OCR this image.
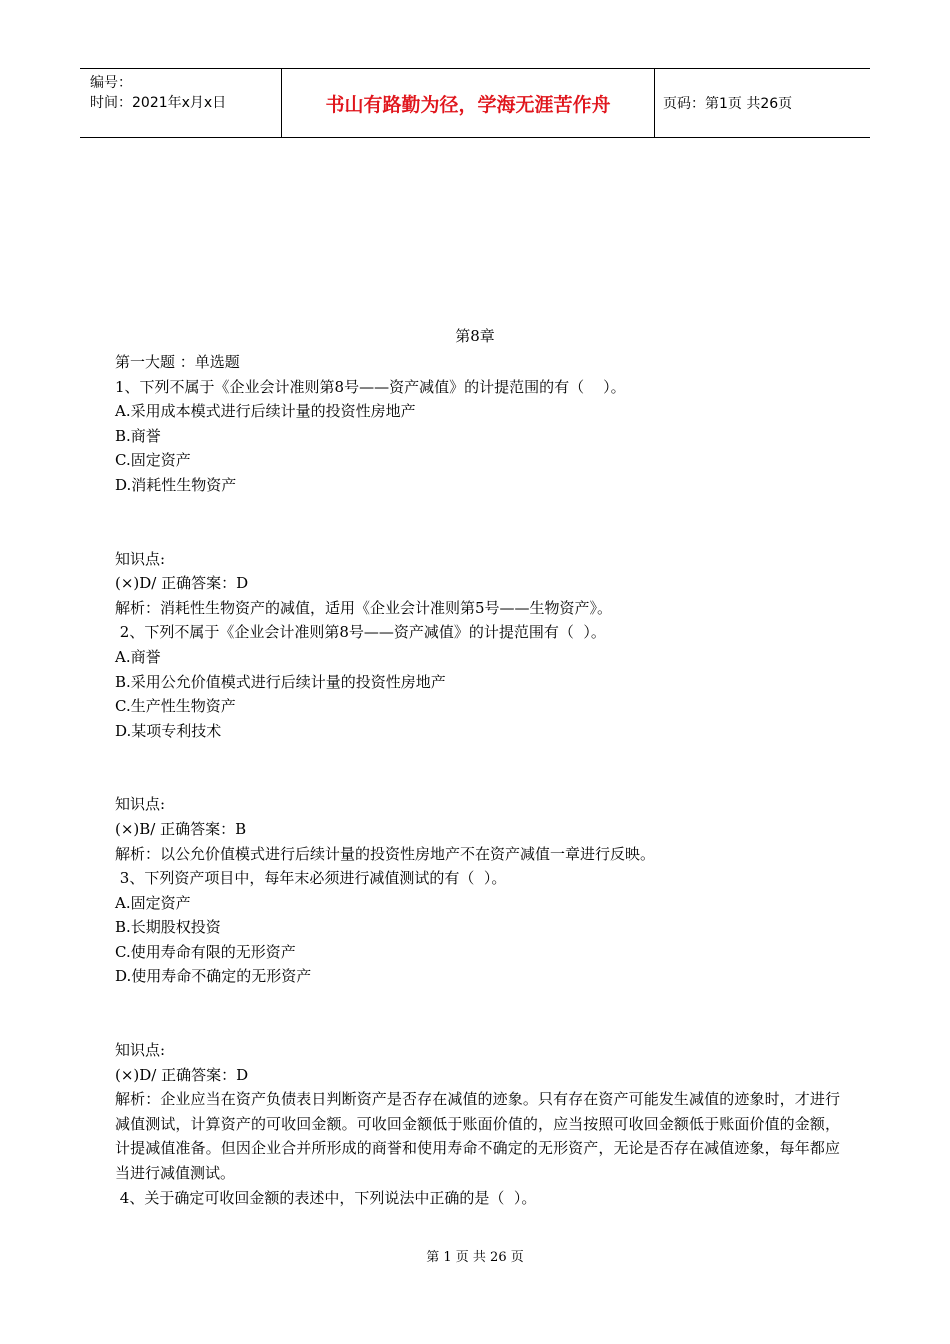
编号：
时间：2021年x月x日	书山有路勤为径，学海无涯苦作舟	页码：第1页 共26页
第8章

第一大题 ：单选题

1、下列不属于《企业会计准则第8号——资产减值》的计提范围的有（    ）。

A.采用成本模式进行后续计量的投资性房地产

B.商誉

C.固定资产

D.消耗性生物资产

知识点:

(×)D/ 正确答案：D

解析：消耗性生物资产的减值，适用《企业会计准则第5号——生物资产》。

2、下列不属于《企业会计准则第8号——资产减值》的计提范围有（  ）。

A.商誉

B.采用公允价值模式进行后续计量的投资性房地产

C.生产性生物资产

D.某项专利技术

知识点:

(×)B/ 正确答案：B

解析：以公允价值模式进行后续计量的投资性房地产不在资产减值一章进行反映。

3、下列资产项目中，每年末必须进行减值测试的有（  ）。

A.固定资产

B.长期股权投资

C.使用寿命有限的无形资产

D.使用寿命不确定的无形资产

知识点:

(×)D/ 正确答案：D

解析：企业应当在资产负债表日判断资产是否存在减值的迹象。只有存在资产可能发生减值的迹象时，才进行减值测试，计算资产的可收回金额。可收回金额低于账面价值的，应当按照可收回金额低于账面价值的金额，计提减值准备。但因企业合并所形成的商誉和使用寿命不确定的无形资产，无论是否存在减值迹象，每年都应当进行减值测试。

4、关于确定可收回金额的表述中，下列说法中正确的是（  ）。

第 1 页 共 26 页
